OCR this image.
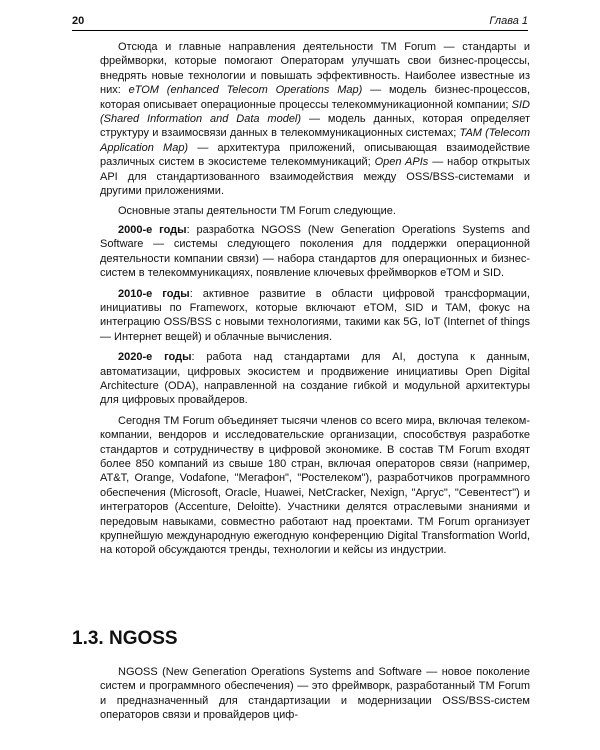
20	Глава 1

Отсюда и главные направления деятельности TM Forum — стандарты и фреймворки, которые помогают Операторам улучшать свои бизнес-процессы, внедрять новые технологии и повышать эффективность. Наиболее известные из них: eTOM (enhanced Telecom Operations Map) — модель бизнес-процессов, которая описывает операционные процессы телекоммуникационной компании; SID (Shared Information and Data model) — модель данных, которая определяет структуру и взаимосвязи данных в телекоммуникационных системах; TAM (Telecom Application Map) — архитектура приложений, описывающая взаимодействие различных систем в экосистеме телекоммуникаций; Open APIs — набор открытых API для стандартизованного взаимодействия между OSS/BSS-системами и другими приложениями.

Основные этапы деятельности TM Forum следующие.

2000-е годы: разработка NGOSS (New Generation Operations Systems and Software — системы следующего поколения для поддержки операционной деятельности компании связи) — набора стандартов для операционных и бизнес-систем в телекоммуникациях, появление ключевых фреймворков eTOM и SID.

2010-е годы: активное развитие в области цифровой трансформации, инициативы по Frameworx, которые включают eTOM, SID и TAM, фокус на интеграцию OSS/BSS с новыми технологиями, такими как 5G, IoT (Internet of things — Интернет вещей) и облачные вычисления.

2020-е годы: работа над стандартами для AI, доступа к данным, автоматизации, цифровых экосистем и продвижение инициативы Open Digital Architecture (ODA), направленной на создание гибкой и модульной архитектуры для цифровых провайдеров.

Сегодня TM Forum объединяет тысячи членов со всего мира, включая телеком-компании, вендоров и исследовательские организации, способствуя разработке стандартов и сотрудничеству в цифровой экономике. В состав TM Forum входят более 850 компаний из свыше 180 стран, включая операторов связи (например, AT&T, Orange, Vodafone, "Мегафон", "Ростелеком"), разработчиков программного обеспечения (Microsoft, Oracle, Huawei, NetCracker, Nexign, "Аргус", "Севентест") и интеграторов (Accenture, Deloitte). Участники делятся отраслевыми знаниями и передовым навыками, совместно работают над проектами. TM Forum организует крупнейшую международную ежегодную конференцию Digital Transformation World, на которой обсуждаются тренды, технологии и кейсы из индустрии.

1.3. NGOSS

NGOSS (New Generation Operations Systems and Software — новое поколение систем и программного обеспечения) — это фреймворк, разработанный TM Forum и предназначенный для стандартизации и модернизации OSS/BSS-систем операторов связи и провайдеров циф-
